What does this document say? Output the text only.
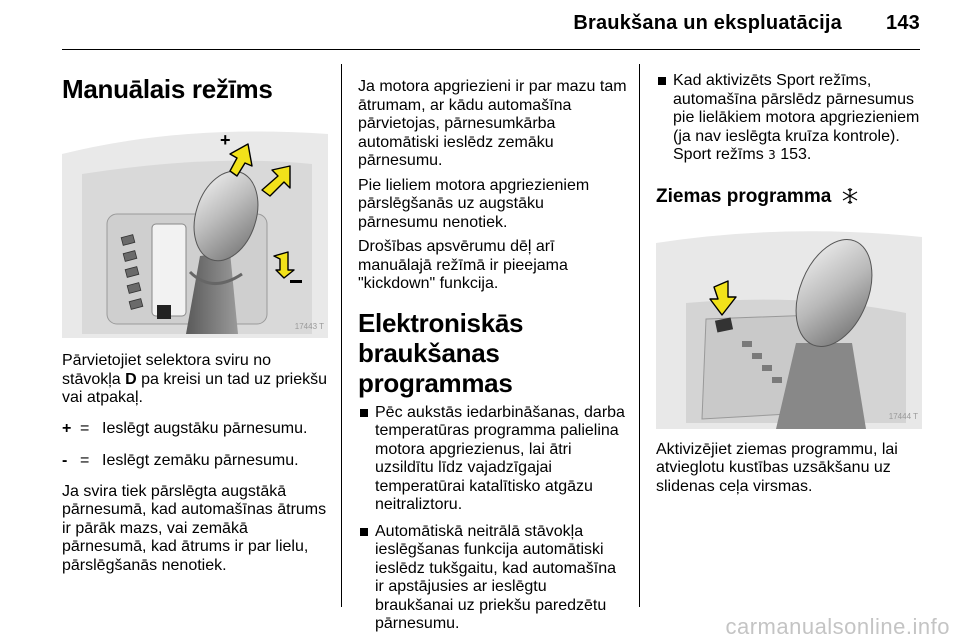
Braukšana un ekspluatācija 143
Manuālais režīms
+
17443 T

Pārvietojiet selektora sviru no
stāvokļa D pa kreisi un tad uz priekšu
vai atpakaļ.

+ = Ieslēgt augstāku pārnesumu.
- = Ieslēgt zemāku pārnesumu.

Ja svira tiek pārslēgta augstākā
pārnesumā, kad automašīnas ātrums
ir pārāk mazs, vai zemākā
pārnesumā, kad ātrums ir par lielu,
pārslēgšanās nenotiek.

Ja motora apgriezieni ir par mazu tam
ātrumam, ar kādu automašīna
pārvietojas, pārnesumkārba
automātiski ieslēdz zemāku
pārnesumu.

Pie lieliem motora apgriezieniem
pārslēgšanās uz augstāku
pārnesumu nenotiek.

Drošības apsvērumu dēļ arī
manuālajā režīmā ir pieejama
"kickdown" funkcija.

Elektroniskās braukšanas
programmas
Pēc aukstās iedarbināšanas, darba
temperatūras programma palielina
motora apgriezienus, lai ātri
uzsildītu līdz vajadzīgajai
temperatūrai katalītisko atgāzu
neitraliztoru.
Automātiskā neitrālā stāvokļa
ieslēgšanas funkcija automātiski
ieslēdz tukšgaitu, kad automašīna
ir apstājusies ar ieslēgtu
braukšanai uz priekšu paredzētu
pārnesumu.
Kad aktivizēts Sport režīms,
automašīna pārslēdz pārnesumus
pie lielākiem motora apgriezieniem
(ja nav ieslēgta kruīza kontrole).
Sport režīms 3 153.
Ziemas programma
17444 T

Aktivizējiet ziemas programmu, lai
atvieglotu kustības uzsākšanu uz
slidenas ceļa virsmas.

carmanualsonline.info
